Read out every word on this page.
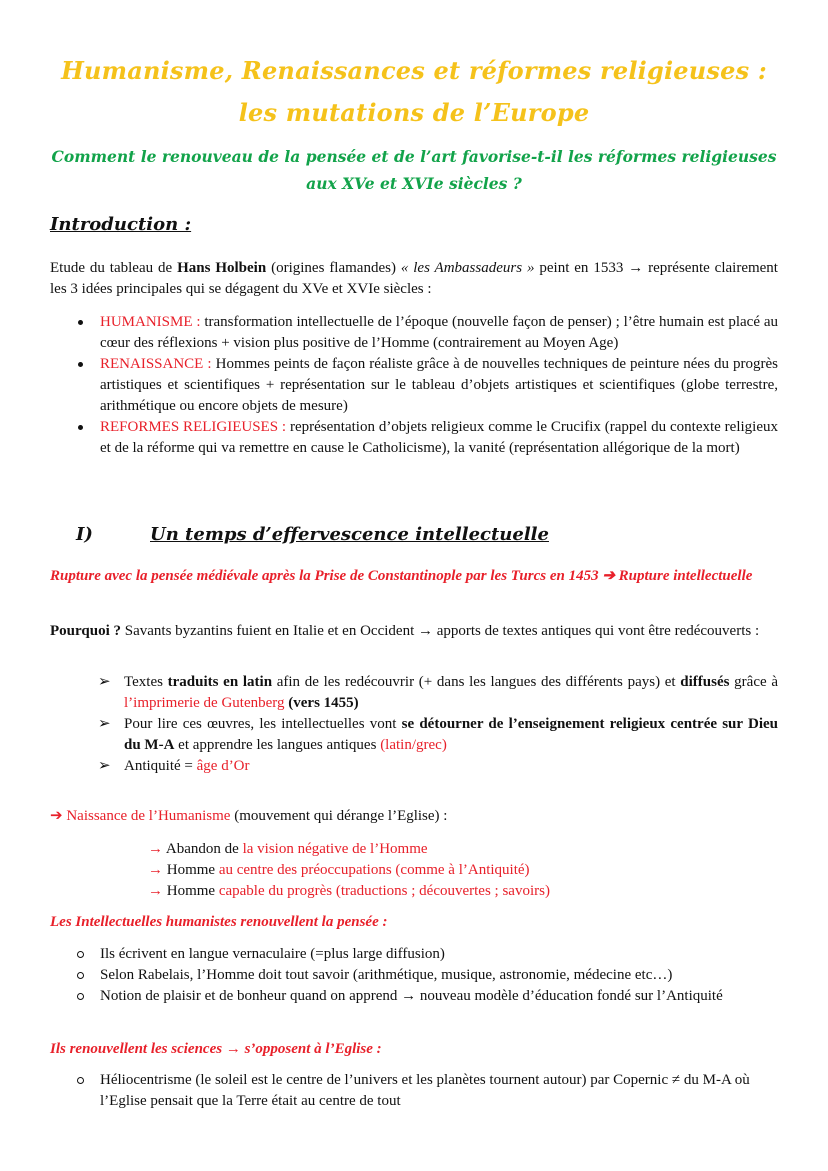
Humanisme, Renaissances et réformes religieuses : les mutations de l’Europe
Comment le renouveau de la pensée et de l’art favorise-t-il les réformes religieuses aux XVe et XVIe siècles ?
Introduction :
Etude du tableau de Hans Holbein (origines flamandes) « les Ambassadeurs » peint en 1533 → représente clairement les 3 idées principales qui se dégagent du XVe et XVIe siècles :
HUMANISME : transformation intellectuelle de l’époque (nouvelle façon de penser) ; l’être humain est placé au cœur des réflexions + vision plus positive de l’Homme (contrairement au Moyen Age)
RENAISSANCE : Hommes peints de façon réaliste grâce à de nouvelles techniques de peinture nées du progrès artistiques et scientifiques + représentation sur le tableau d’objets artistiques et scientifiques (globe terrestre, arithmétique ou encore objets de mesure)
REFORMES RELIGIEUSES : représentation d’objets religieux comme le Crucifix (rappel du contexte religieux et de la réforme qui va remettre en cause le Catholicisme), la vanité (représentation allégorique de la mort)
I)	Un temps d’effervescence intellectuelle
Rupture avec la pensée médiévale après la Prise de Constantinople par les Turcs en 1453 ➔ Rupture intellectuelle
Pourquoi ? Savants byzantins fuient en Italie et en Occident → apports de textes antiques qui vont être redécouverts :
➢ Textes traduits en latin afin de les redécouvrir (+ dans les langues des différents pays) et diffusés grâce à l’imprimerie de Gutenberg (vers 1455)
➢ Pour lire ces œuvres, les intellectuelles vont se détourner de l’enseignement religieux centrée sur Dieu du M-A et apprendre les langues antiques (latin/grec)
➢ Antiquité = âge d’Or
➔ Naissance de l’Humanisme (mouvement qui dérange l’Eglise) :
→ Abandon de la vision négative de l’Homme
→ Homme au centre des préoccupations (comme à l’Antiquité)
→ Homme capable du progrès (traductions ; découvertes ; savoirs)
Les Intellectuelles humanistes renouvellent la pensée :
Ils écrivent en langue vernaculaire (=plus large diffusion)
Selon Rabelais, l’Homme doit tout savoir (arithmétique, musique, astronomie, médecine etc…)
Notion de plaisir et de bonheur quand on apprend → nouveau modèle d’éducation fondé sur l’Antiquité
Ils renouvellent les sciences → s’opposent à l’Eglise :
Héliocentrisme (le soleil est le centre de l’univers et les planètes tournent autour) par Copernic ≠ du M-A où l’Eglise pensait que la Terre était au centre de tout
